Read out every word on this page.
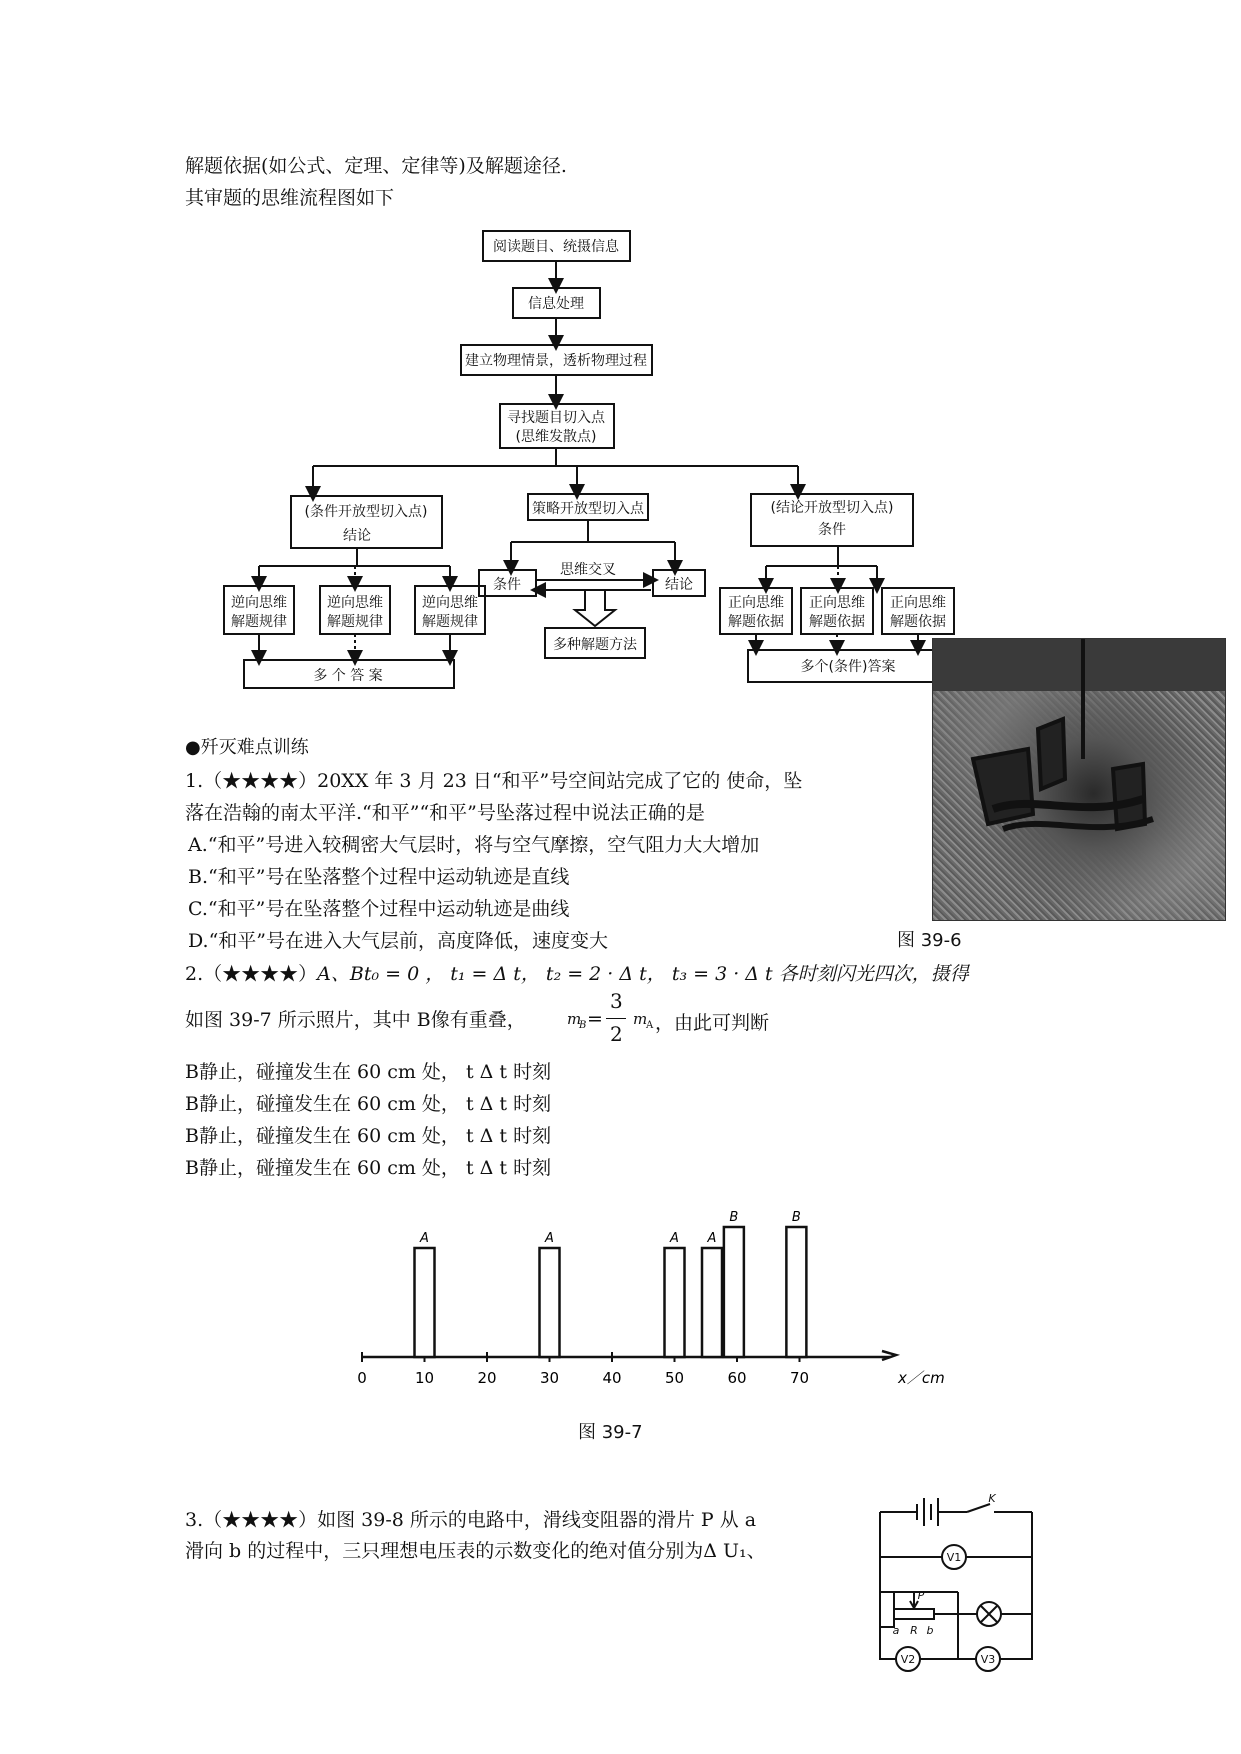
解题依据(如公式、定理、定律等)及解题途径.
其审题的思维流程图如下
阅读题目、统摄信息
信息处理
建立物理情景，透析物理过程
寻找题目切入点
(思维发散点)
(条件开放型切入点)
结论
策略开放型切入点	(结论开放型切入点)
条件
逆向思维
解题规律
逆向思维
解题规律
逆向思维
解题规律
条件
思维交叉
结论
多种解题方法
多 个 答 案
正向思维
解题依据
正向思维
解题依据
正向思维
解题依据
多个(条件)答案
●歼灭难点训练
1.（★★★★）20XX 年 3 月 23 日“和平”号空间站完成了它的 使命，坠
落在浩翰的南太平洋.“和平”“和平”号坠落过程中说法正确的是
A.“和平”号进入较稠密大气层时，将与空气摩擦，空气阻力大大增加
B.“和平”号在坠落整个过程中运动轨迹是直线
C.“和平”号在坠落整个过程中运动轨迹是曲线
D.“和平”号在进入大气层前，高度降低，速度变大	图 39-6
2.（★★★★）A、Bt₀ = 0 ， t₁ = Δ t， t₂ = 2 · Δ t， t₃ = 3 · Δ t 各时刻闪光四次，摄得
如图 39-7 所示照片，其中 B像有重叠，	m
B =
3
2
m
A ，由此可判断
B静止，碰撞发生在 60 cm 处， t Δ t 时刻
B静止，碰撞发生在 60 cm 处， t Δ t 时刻
B静止，碰撞发生在 60 cm 处， t Δ t 时刻
B静止，碰撞发生在 60 cm 处， t Δ t 时刻
0	10	20	30	40	50	60	70
A	A	A A
B	B
x／cm
图 39-7
3.（★★★★）如图 39-8 所示的电路中，滑线变阻器的滑片 P 从 a
滑向 b 的过程中，三只理想电压表的示数变化的绝对值分别为Δ U₁、
K
V1
V2	V3
P
a R b
